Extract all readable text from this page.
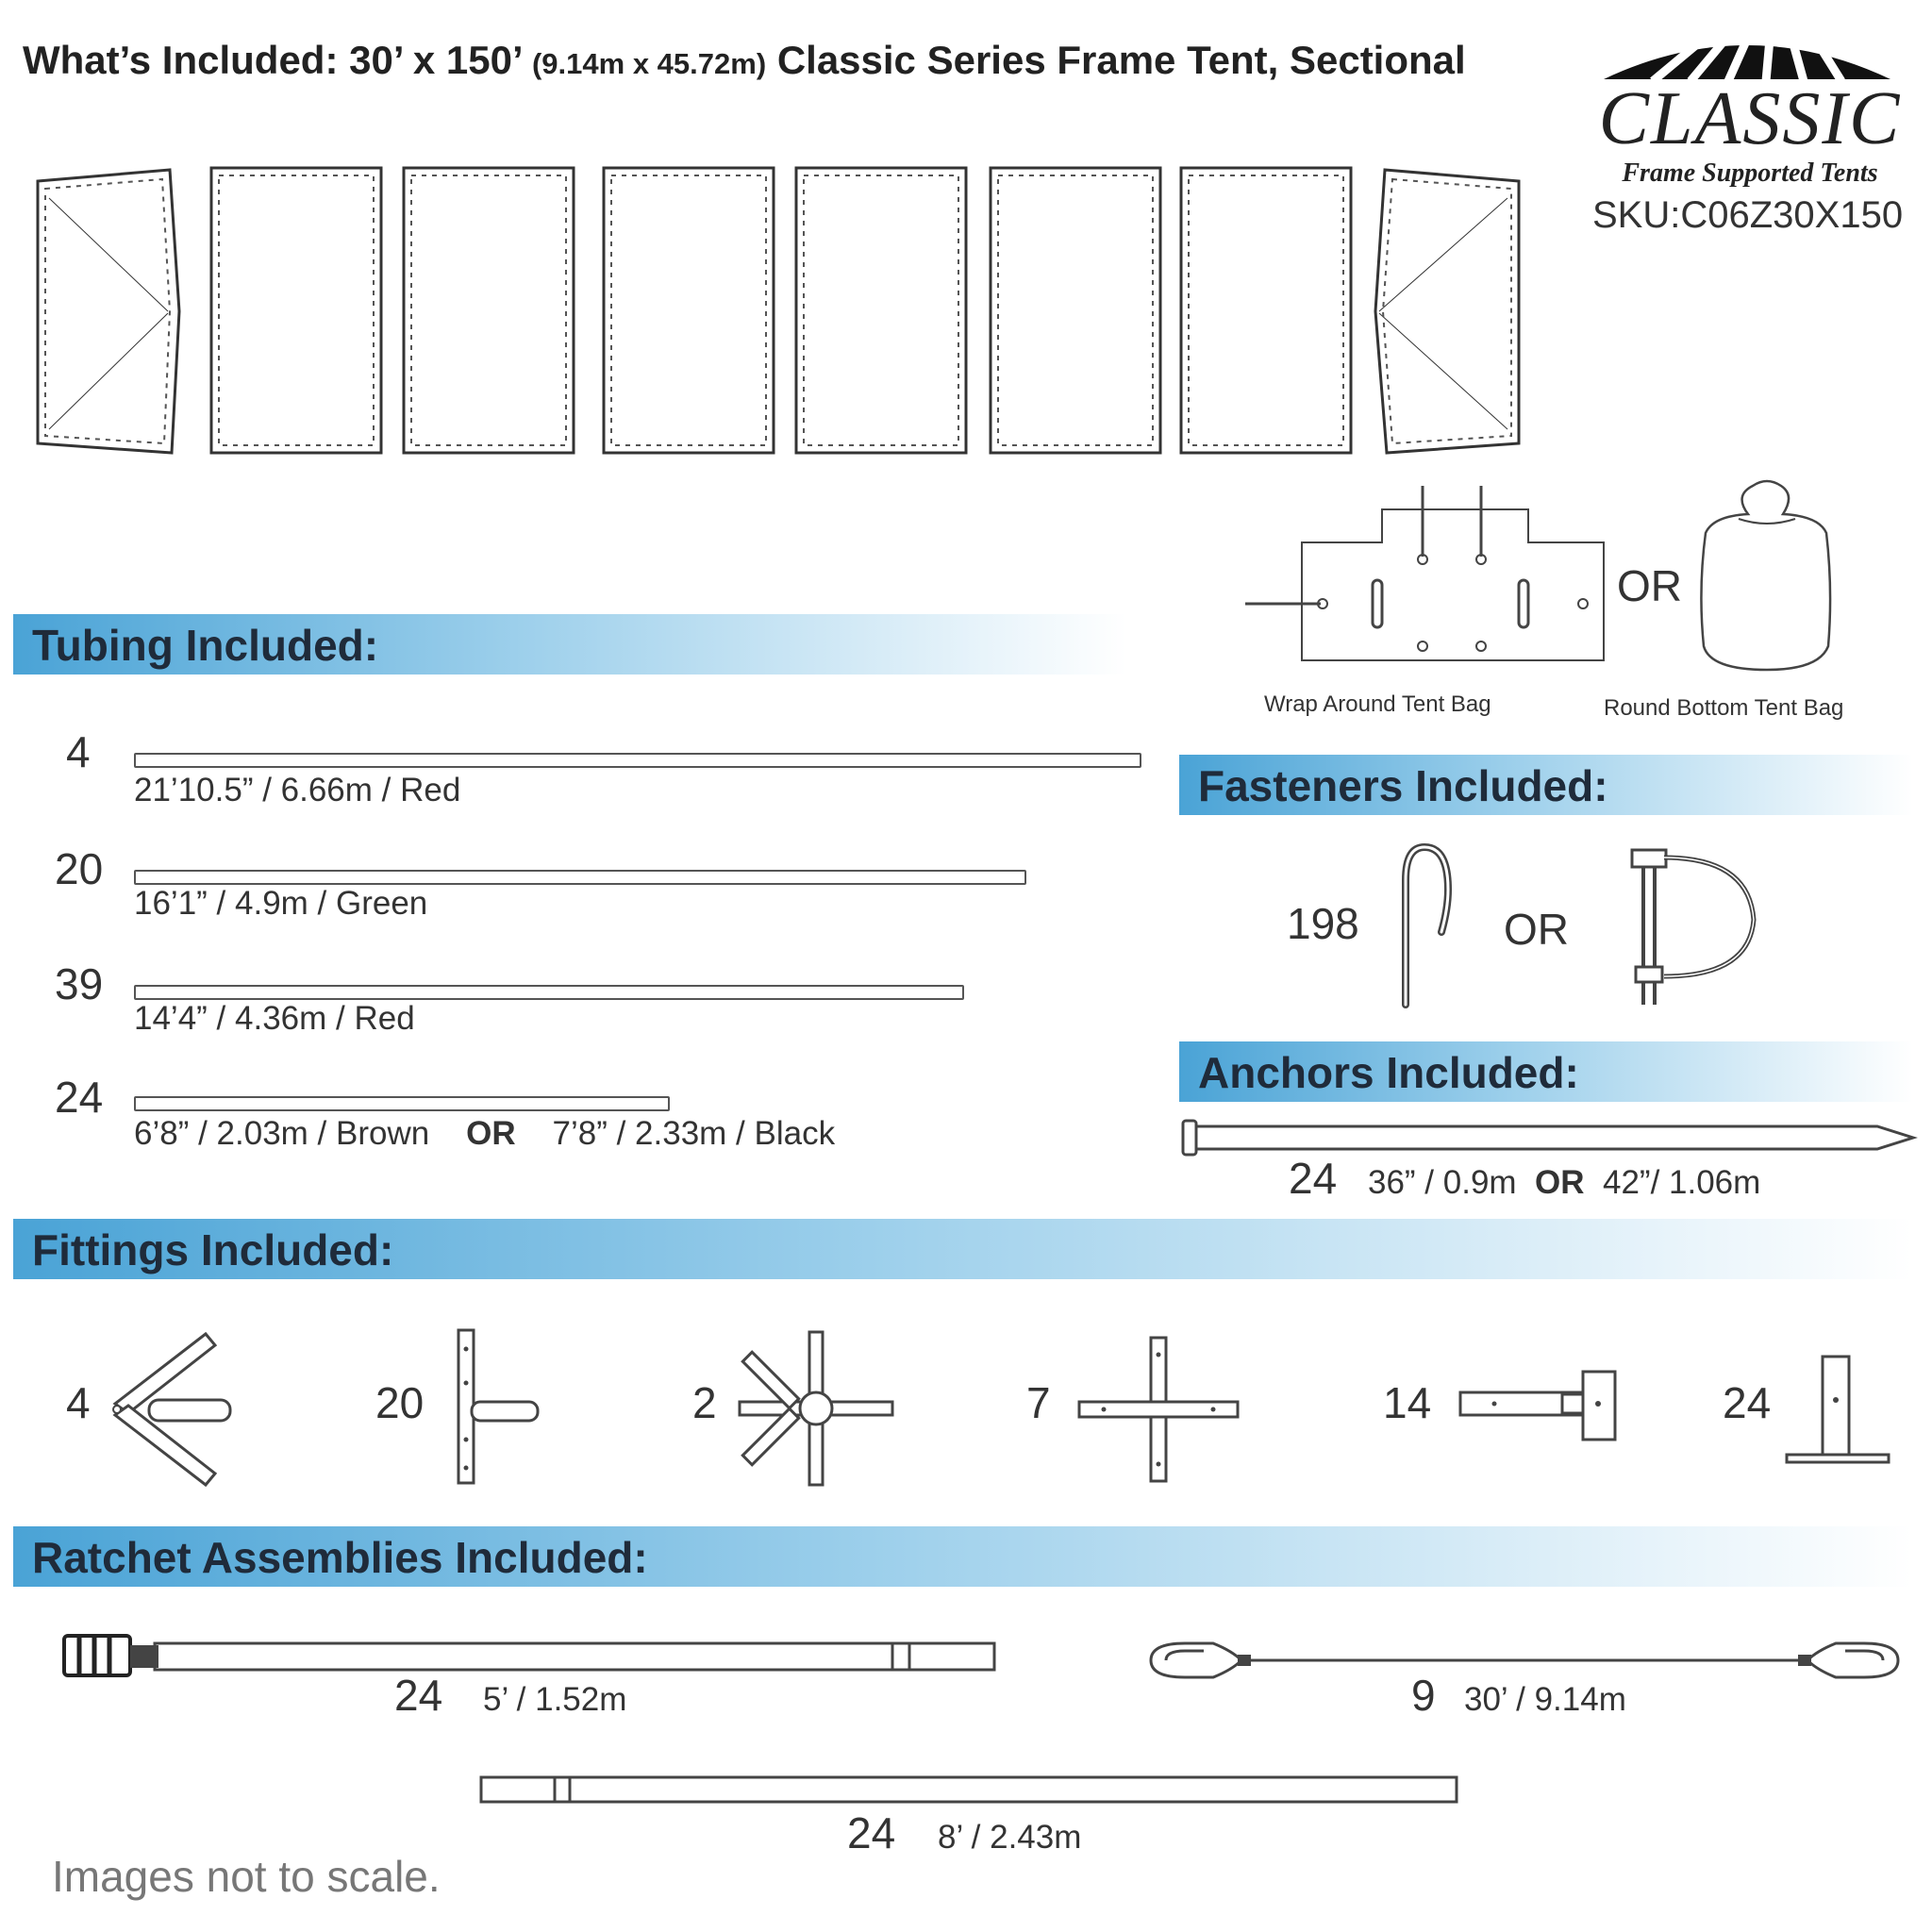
What’s Included: 30’ x 150’ (9.14m x 45.72m) Classic Series Frame Tent, Sectional
CLASSIC
Frame Supported Tents
SKU:C06Z30X150
OR
Wrap Around Tent Bag	Round Bottom Tent Bag
Tubing Included:
4
21’10.5” / 6.66m / Red
20
16’1” / 4.9m / Green
39
14’4” / 4.36m / Red
24
6’8” / 2.03m / Brown OR 7’8” / 2.33m / Black
Fasteners Included:
198	OR
Anchors Included:
24 36” / 0.9m OR 42”/ 1.06m
Fittings Included:
4	20	2	7	14	24
Ratchet Assemblies Included:
24 5’ / 1.52m	9 30’ / 9.14m
24 8’ / 2.43m
Images not to scale.
